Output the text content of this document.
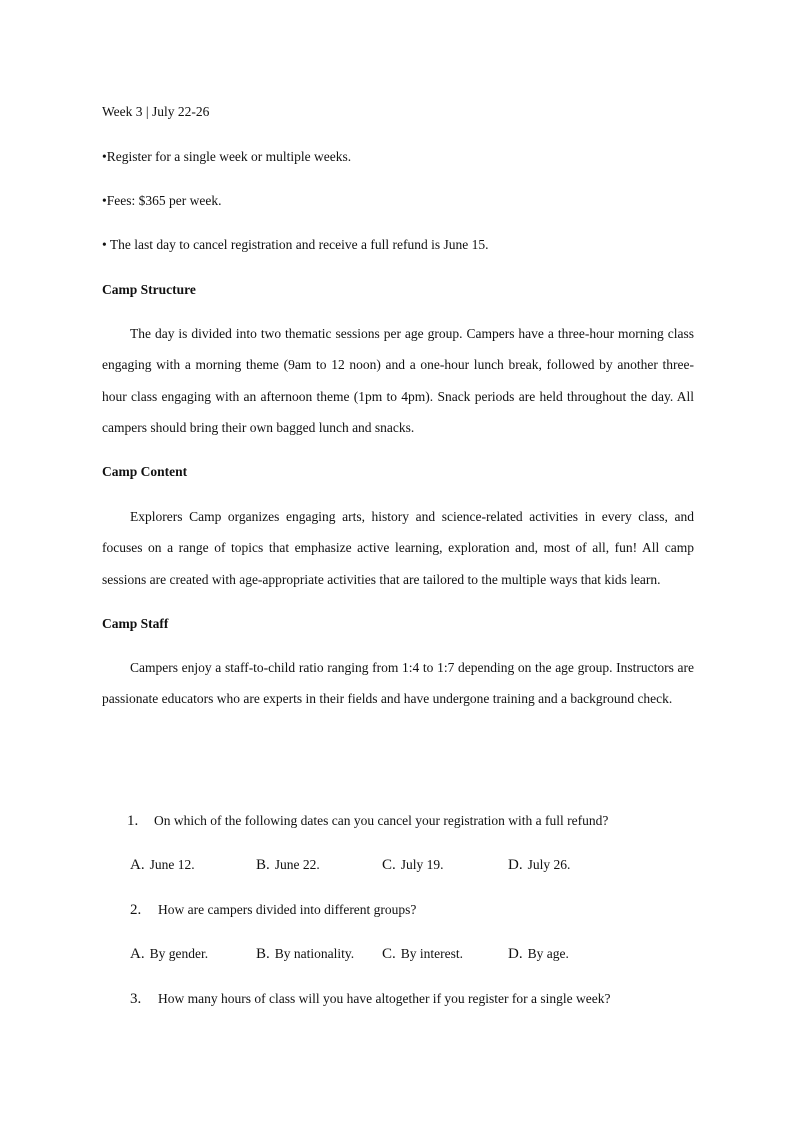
Week 3 | July 22-26
•Register for a single week or multiple weeks.
•Fees: $365 per week.
• The last day to cancel registration and receive a full refund is June 15.
Camp Structure

The day is divided into two thematic sessions per age group. Campers have a three-hour morning class engaging with a morning theme (9am to 12 noon) and a one-hour lunch break, followed by another three-hour class engaging with an afternoon theme (1pm to 4pm). Snack periods are held throughout the day. All campers should bring their own bagged lunch and snacks.

Camp Content

Explorers Camp organizes engaging arts, history and science-related activities in every class, and focuses on a range of topics that emphasize active learning, exploration and, most of all, fun! All camp sessions are created with age-appropriate activities that are tailored to the multiple ways that kids learn.

Camp Staff

Campers enjoy a staff-to-child ratio ranging from 1:4 to 1:7 depending on the age group. Instructors are passionate educators who are experts in their fields and have undergone training and a background check.

1. On which of the following dates can you cancel your registration with a full refund?
A. June 12.	B. June 22.	C. July 19.	D. July 26.
2. How are campers divided into different groups?
A. By gender.	B. By nationality. C. By interest.	D. By age.
3. How many hours of class will you have altogether if you register for a single week?
